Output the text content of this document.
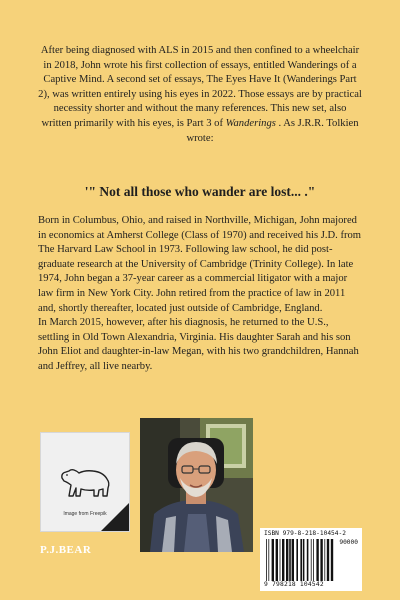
After being diagnosed with ALS in 2015 and then confined to a wheelchair in 2018, John wrote his first collection of essays, entitled Wanderings of a Captive Mind. A second set of essays, The Eyes Have It (Wanderings Part 2), was written entirely using his eyes in 2022. Those essays are by practical necessity shorter and without the many references. This new set, also written primarily with his eyes, is Part 3 of Wanderings . As J.R.R. Tolkien wrote:

'" Not all those who wander are lost... ."

Born in Columbus, Ohio, and raised in Northville, Michigan, John majored in economics at Amherst College (Class of 1970) and received his J.D. from The Harvard Law School in 1973. Following law school, he did post-graduate research at the University of Cambridge (Trinity College). In late 1974, John began a 37-year career as a commercial litigator with a major law firm in New York City. John retired from the practice of law in 2011 and, shortly thereafter, located just outside of Cambridge, England.
In March 2015, however, after his diagnosis, he returned to the U.S., settling in Old Town Alexandria, Virginia. His daughter Sarah and his son John Eliot and daughter-in-law Megan, with his two grandchildren, Hannah and Jeffrey, all live nearby.

Image from Freepik
P.J.BEAR
ISBN 979-8-218-10454-2
90000
9 798218 104542
